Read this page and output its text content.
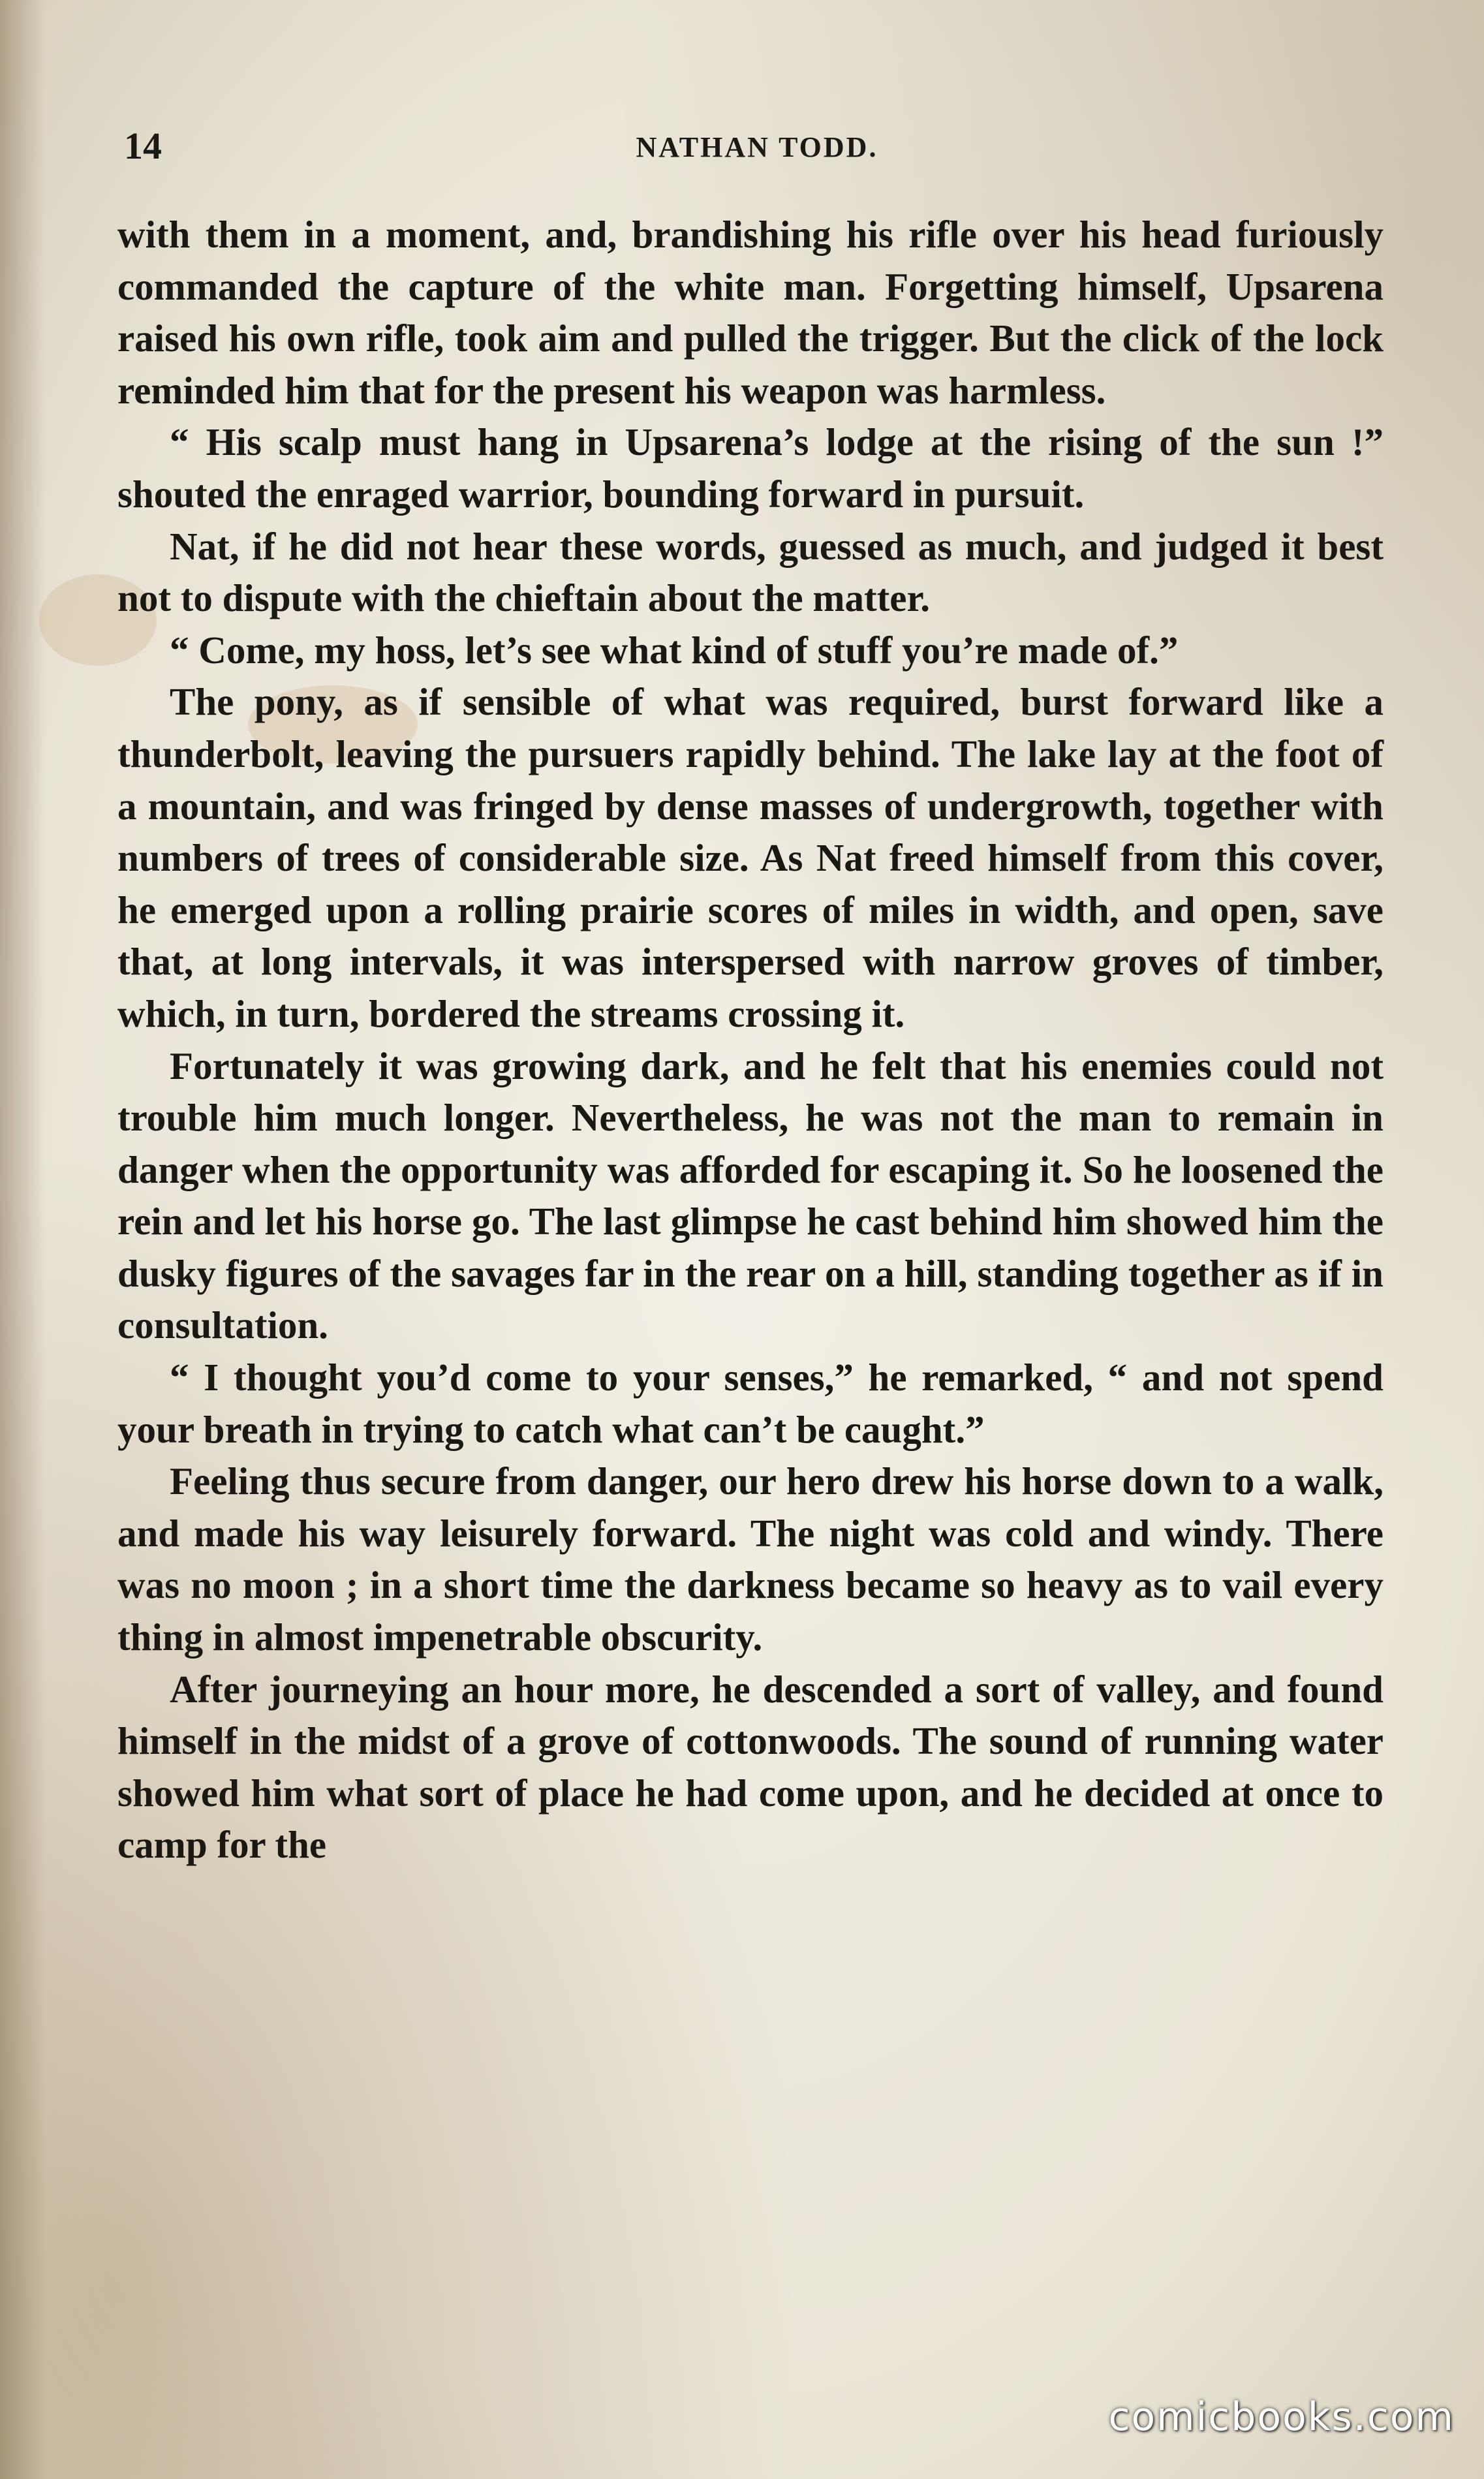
14	NATHAN TODD.

with them in a moment, and, brandishing his rifle over his head furiously commanded the capture of the white man. Forgetting himself, Upsarena raised his own rifle, took aim and pulled the trigger. But the click of the lock reminded him that for the present his weapon was harmless.

“ His scalp must hang in Upsarena’s lodge at the rising of the sun !” shouted the enraged warrior, bounding forward in pursuit.

Nat, if he did not hear these words, guessed as much, and judged it best not to dispute with the chieftain about the matter.

“ Come, my hoss, let’s see what kind of stuff you’re made of.”

The pony, as if sensible of what was required, burst forward like a thunderbolt, leaving the pursuers rapidly behind. The lake lay at the foot of a mountain, and was fringed by dense masses of undergrowth, together with numbers of trees of considerable size. As Nat freed himself from this cover, he emerged upon a rolling prairie scores of miles in width, and open, save that, at long intervals, it was interspersed with narrow groves of timber, which, in turn, bordered the streams crossing it.

Fortunately it was growing dark, and he felt that his enemies could not trouble him much longer. Nevertheless, he was not the man to remain in danger when the opportunity was afforded for escaping it. So he loosened the rein and let his horse go. The last glimpse he cast behind him showed him the dusky figures of the savages far in the rear on a hill, standing together as if in consultation.

“ I thought you’d come to your senses,” he remarked, “ and not spend your breath in trying to catch what can’t be caught.”

Feeling thus secure from danger, our hero drew his horse down to a walk, and made his way leisurely forward. The night was cold and windy. There was no moon ; in a short time the darkness became so heavy as to vail every thing in almost impenetrable obscurity.

After journeying an hour more, he descended a sort of valley, and found himself in the midst of a grove of cottonwoods. The sound of running water showed him what sort of place he had come upon, and he decided at once to camp for the

comicbooks.com
